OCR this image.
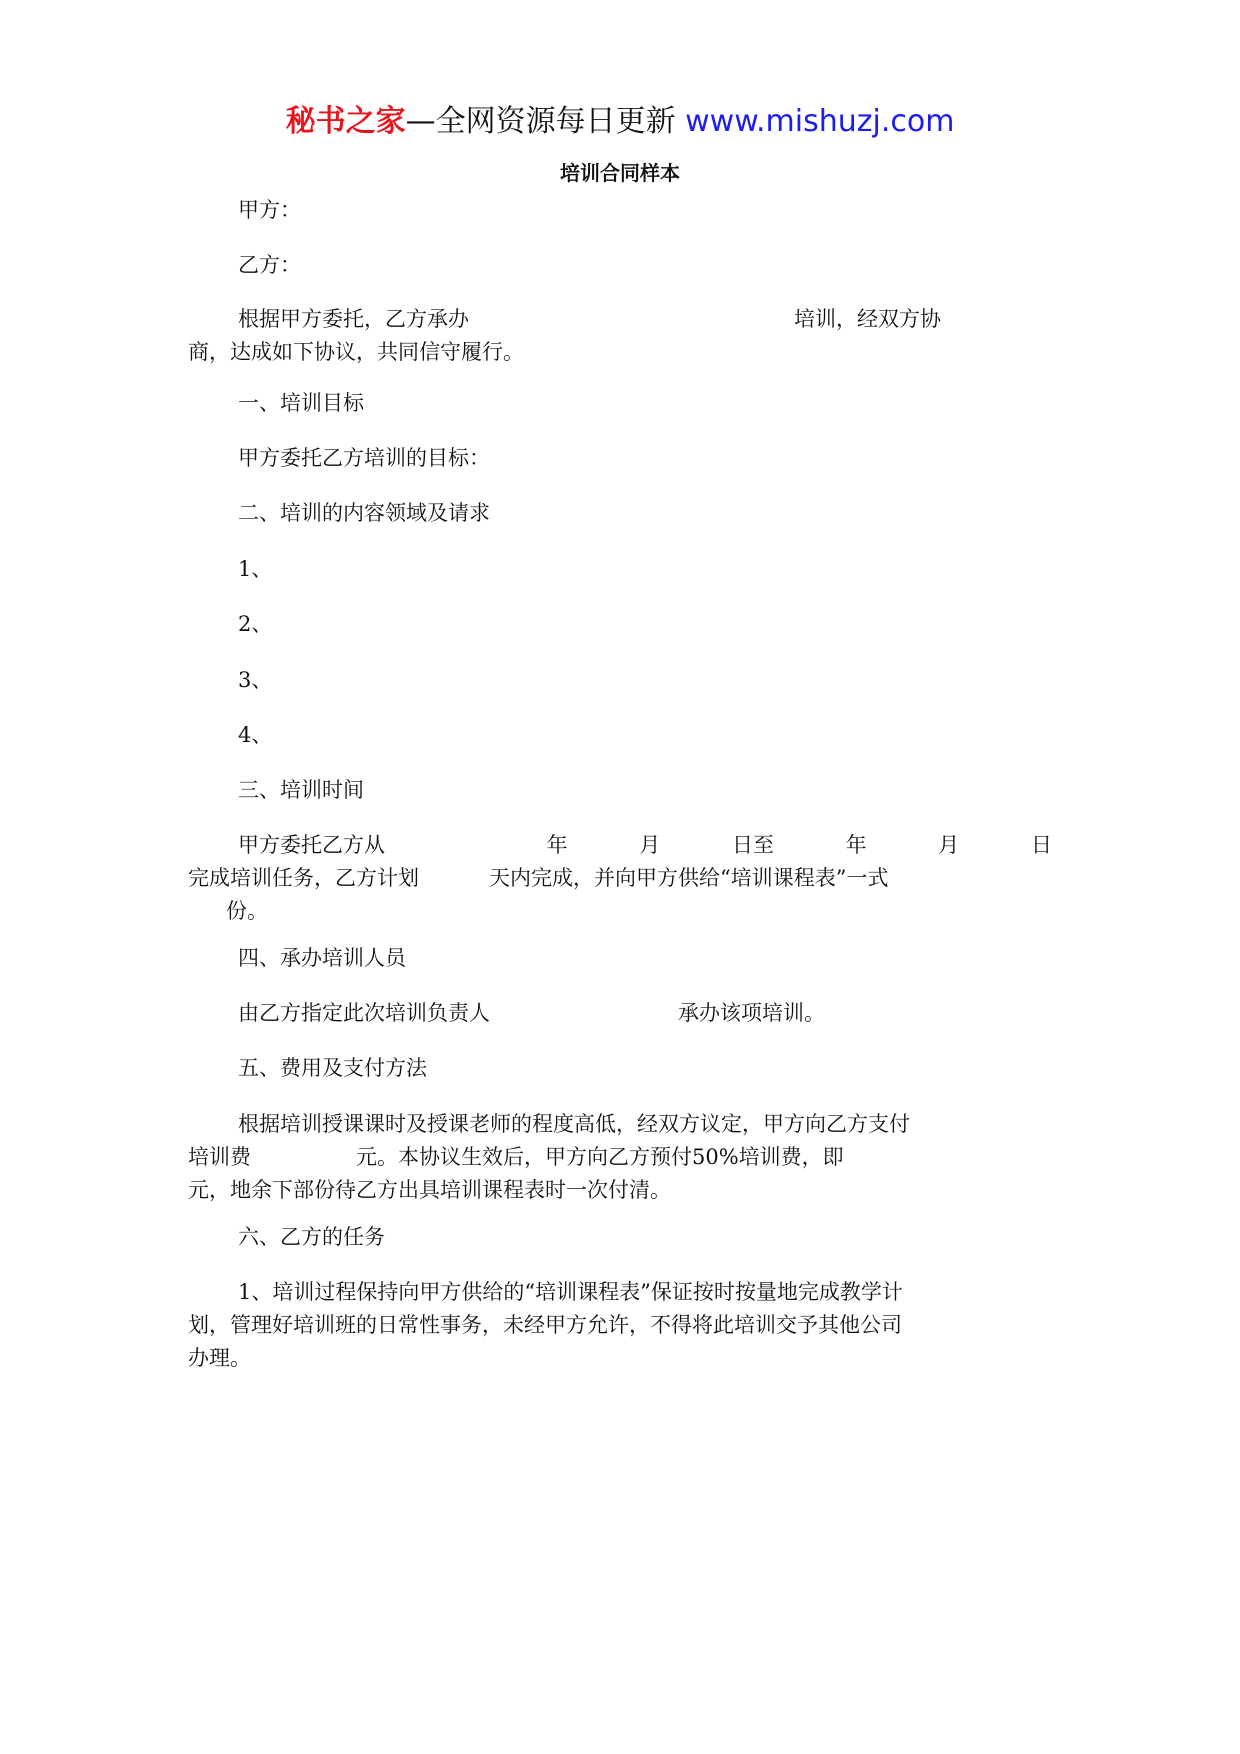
秘书之家—全网资源每日更新 www.mishuzj.com
培训合同样本
甲方：
乙方：
根据甲方委托，乙方承办	培训，经双方协
商，达成如下协议，共同信守履行。
一、培训目标
甲方委托乙方培训的目标：
二、培训的内容领域及请求
1、
2、
3、
4、
三、培训时间
甲方委托乙方从	年	月	日至	年	月	日
完成培训任务，乙方计划	天内完成，并向甲方供给“培训课程表”一式
份。
四、承办培训人员
由乙方指定此次培训负责人	承办该项培训。
五、费用及支付方法
根据培训授课课时及授课老师的程度高低，经双方议定，甲方向乙方支付
培训费	元。本协议生效后，甲方向乙方预付50%培训费，即
元，地余下部份待乙方出具培训课程表时一次付清。
六、乙方的任务
1、培训过程保持向甲方供给的“培训课程表”保证按时按量地完成教学计
划，管理好培训班的日常性事务，未经甲方允许，不得将此培训交予其他公司
办理。
